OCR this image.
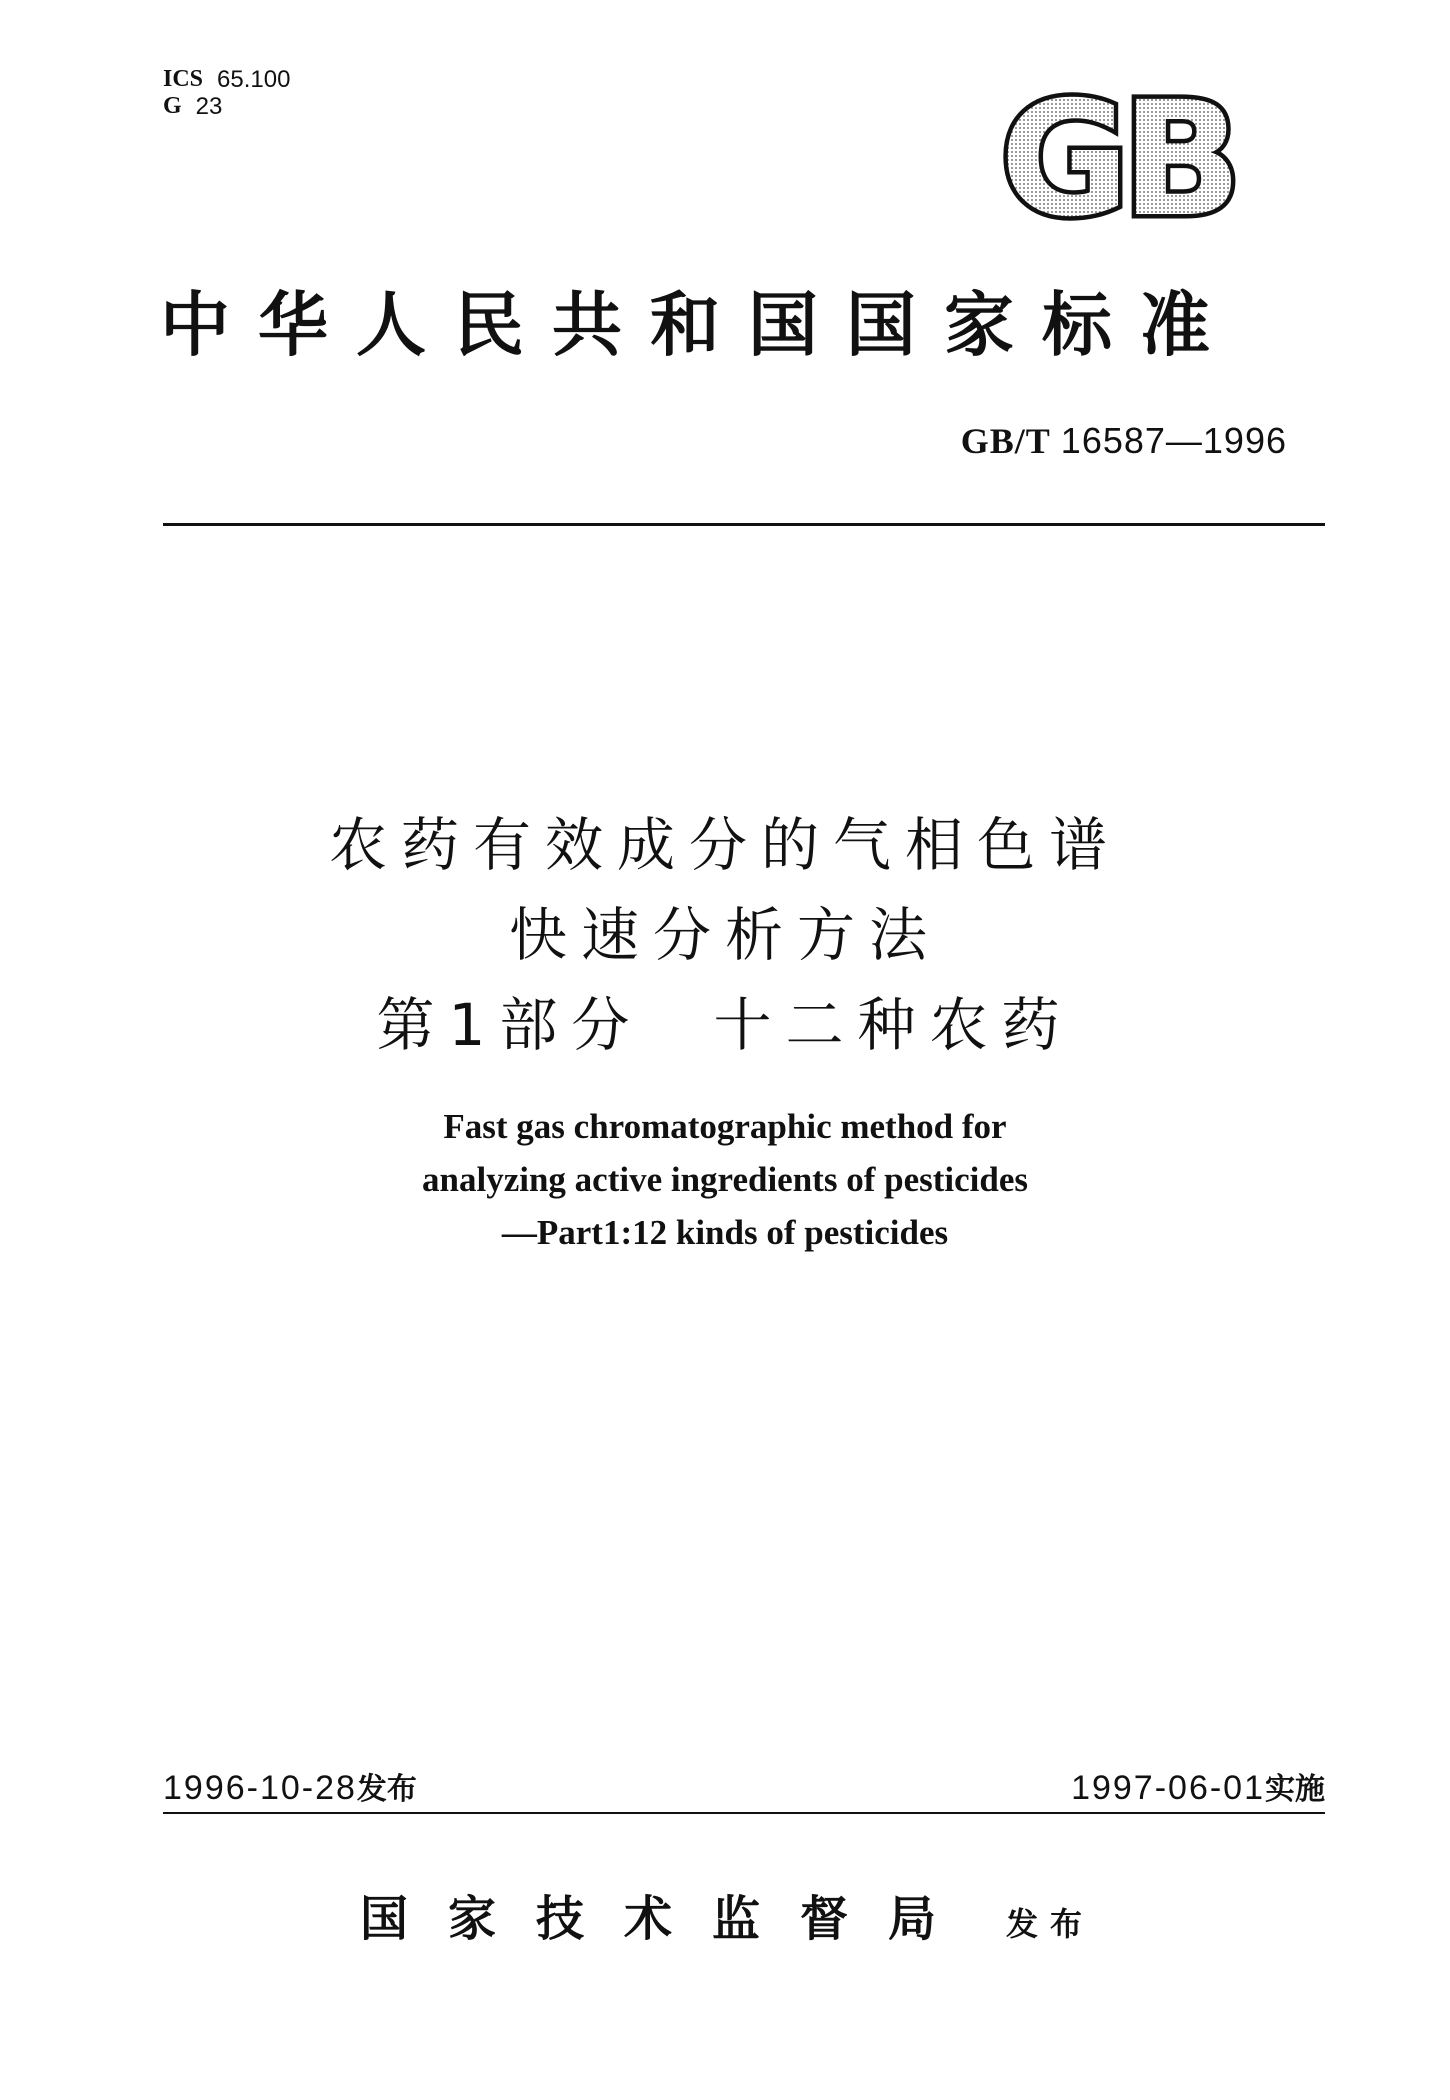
ICS 65.100
G 23	GB
中华人民共和国国家标准
GB/T 16587—1996
农药有效成分的气相色谱
快速分析方法
第1部分 十二种农药
Fast gas chromatographic method for
analyzing active ingredients of pesticides
—Part1:12 kinds of pesticides
1996-10-28发布	1997-06-01实施
国家技术监督局 发布
